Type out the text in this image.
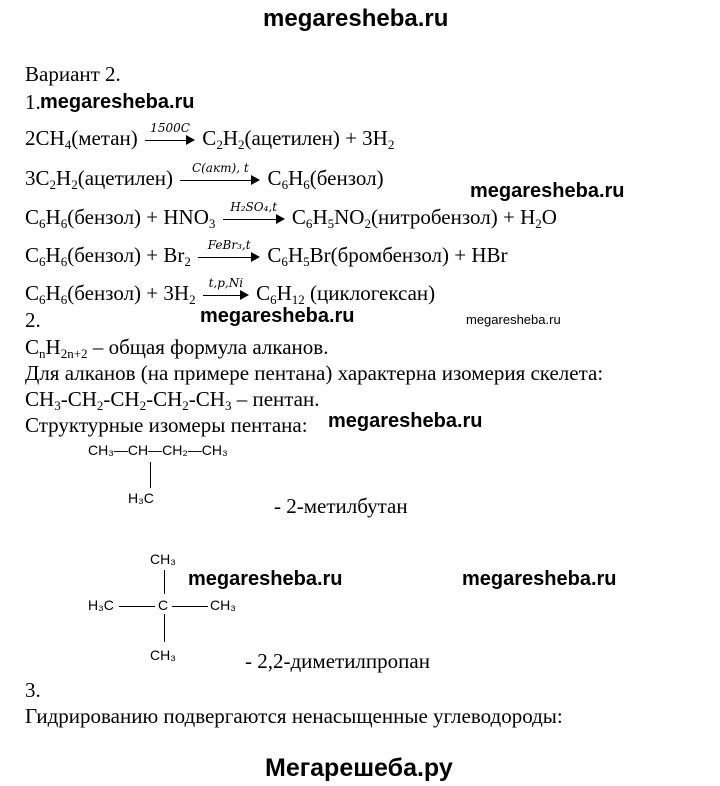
megaresheba.ru
Вариант 2.
1. megaresheba.ru
$2CH_4(метан)$ 1500C $C_2H_2(ацетилен) + 3H_2$
$3C_2H_2(ацетилен)$ C(акт), t $C_6H_6(бензол)$
megaresheba.ru
$C_6H_6(бензол) + HNO_3$
H₂SO₄,t $C_6H_5NO_2(нитробензол) + H_2O$
$C_6H_6(бензол) + Br_2$
FeBr₃,t $C_6H_5Br(бромбензол)$ + HBr
$C_6H_6(бензол) + 3H_2$
t,p,Ni $C_6H_{12}$ (циклогексан)
2.	megaresheba.ru	megaresheba.ru
$C_nH_{2n+2}$ – общая формула алканов.
Для алканов (на примере пентана) характерна изомерия скелета:
$CH_3-CH_2-CH_2-CH_2-CH_3$ – пентан.
Структурные изомеры пентана: megaresheba.ru
CH₃—CH—CH₂—CH₃
H₃C	- 2-метилбутан
CH₃
H₃C	C	CH₃
CH₃	- 2,2-диметилпропан
megaresheba.ru	megaresheba.ru
3.
Гидрированию подвергаются ненасыщенные углеводороды:
Мегарешеба.ру
